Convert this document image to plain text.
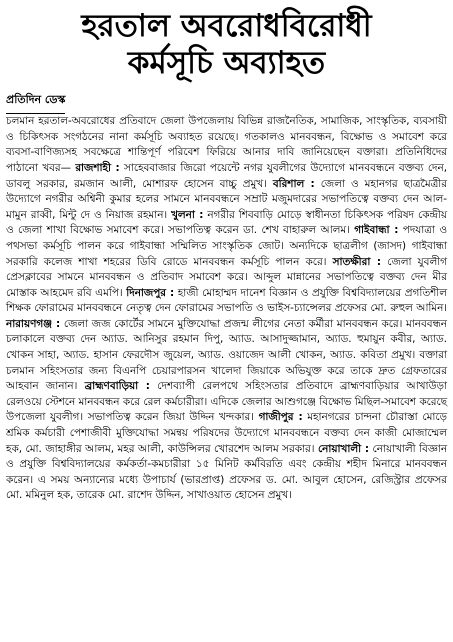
হরতাল অবরোধবিরোধী
কর্মসূচি অব্যাহত
প্রতিদিন ডেস্ক

চলমান হরতাল-অবরোধের প্রতিবাদে জেলা উপজেলায় বিভিন্ন রাজনৈতিক, সামাজিক, সাংস্কৃতিক, ব্যবসায়ী ও চিকিৎসক সংগঠনের নানা কর্মসূচি অব্যাহত রয়েছে। গতকালও মানববন্ধন, বিক্ষোভ ও সমাবেশ করে ব্যবসা-বাণিজ্যসহ সবক্ষেত্রে শান্তিপূর্ণ পরিবেশ ফিরিয়ে আনার দাবি জানিয়েছেন বক্তারা। প্রতিনিধিদের পাঠানো খবর— রাজশাহী : সাহেববাজার জিরো পয়েন্টে নগর যুবলীগের উদ্যোগে মানববন্ধনে বক্তব্য দেন, ডাবলু সরকার, রমজান আলী, মোশারফ হোসেন বাচ্চু প্রমুখ। বরিশাল : জেলা ও মহানগর ছাত্রমৈত্রীর উদ্যোগে নগরীর অশ্বিনী কুমার হলের সামনে মানববন্ধনে সম্রাট মজুমদারের সভাপতিত্বে বক্তব্য দেন আল-মামুন রাব্বী, মিন্টু দে ও নিয়াজ রহমান। খুলনা : নগরীর শিববাড়ি মোড়ে স্বাধীনতা চিকিৎসক পরিষদ কেন্দ্রীয় ও জেলা শাখা বিক্ষোভ সমাবেশ করে। সভাপতিত্ব করেন ডা. শেখ বাহারুল আলম। গাইবান্ধা : পদযাত্রা ও পথসভা কর্মসূচি পালন করে গাইবান্ধা সম্মিলিত সাংস্কৃতিক জোট। অন্যদিকে ছাত্রলীগ (জাসদ) গাইবান্ধা সরকারি কলেজ শাখা শহরের ডিবি রোডে মানববন্ধন কর্মসূচি পালন করে। সাতক্ষীরা : জেলা যুবলীগ প্রেসক্লাবের সামনে মানববন্ধন ও প্রতিবাদ সমাবেশ করে। আব্দুল মান্নানের সভাপতিত্বে বক্তব্য দেন মীর মোস্তাক আহমেদ রবি এমপি। দিনাজপুর : হাজী মোহাম্মদ দানেশ বিজ্ঞান ও প্রযুক্তি বিশ্ববিদ্যালয়ের প্রগতিশীল শিক্ষক ফোরামের মানববন্ধনে নেতৃত্ব দেন ফোরামের সভাপতি ও ভাইস-চ্যান্সেলর প্রফেসর মো. রুহুল আমিন। নারায়ণগঞ্জ : জেলা জজ কোর্টের সামনে মুক্তিযোদ্ধা প্রজন্ম লীগের নেতা কর্মীরা মানববন্ধন করে। মানববন্ধন চলাকালে বক্তব্য দেন অ্যাড. আনিসুর রহমান দিপু, অ্যাড. আসাদুজ্জামান, অ্যাড. হুমায়ুন কবীর, অ্যাড. খোকন সাহা, অ্যাড. হাসান ফেরদৌস জুয়েল, অ্যাড. ওয়াজেদ আলী খোকন, অ্যাড. কবিতা প্রমুখ। বক্তারা চলমান সহিংসতার জন্য বিএনপি চেয়ারপারসন খালেদা জিয়াকে অভিযুক্ত করে তাকে দ্রুত গ্রেফতারের আহবান জানান। ব্রাহ্মণবাড়িয়া : দেশব্যাপী রেলপথে সহিংসতার প্রতিবাদে ব্রাহ্মণবাড়িয়ার আখাউড়া রেলওয়ে স্টেশনে মানববন্ধন করে রেল কর্মচারীরা। এদিকে জেলার আশুগঞ্জে বিক্ষোভ মিছিল-সমাবেশ করেছে উপজেলা যুবলীগ। সভাপতিত্ব করেন জিয়া উদ্দিন খন্দকার। গাজীপুর : মহানগরের চান্দনা চৌরাস্তা মোড়ে শ্রমিক কর্মচারী পেশাজীবী মুক্তিযোদ্ধা সমন্বয় পরিষদের উদ্যোগে মানববন্ধনে বক্তব্য দেন কাজী মোজাম্মেল হক, মো. জাহাঙ্গীর আলম, মহর আলী, কাউন্সিলর খোরশেদ আলম সরকার। নোয়াখালী : নোয়াখালী বিজ্ঞান ও প্রযুক্তি বিশ্ববিদ্যালয়ের কর্মকর্তা-কমচারীরা ১৫ মিনিট কর্মবিরতি এবং কেন্দ্রীয় শহীদ মিনারে মানববন্ধন করেন। এ সময় অন্যান্যের মধ্যে উপাচার্য (ভারপ্রাপ্ত) প্রফেসর ড. মো. আবুল হোসেন, রেজিস্ট্রার প্রফেসর মো. মমিনুল হক, তারেক মো. রাশেদ উদ্দিন, সাখাওয়াত হোসেন প্রমুখ।
